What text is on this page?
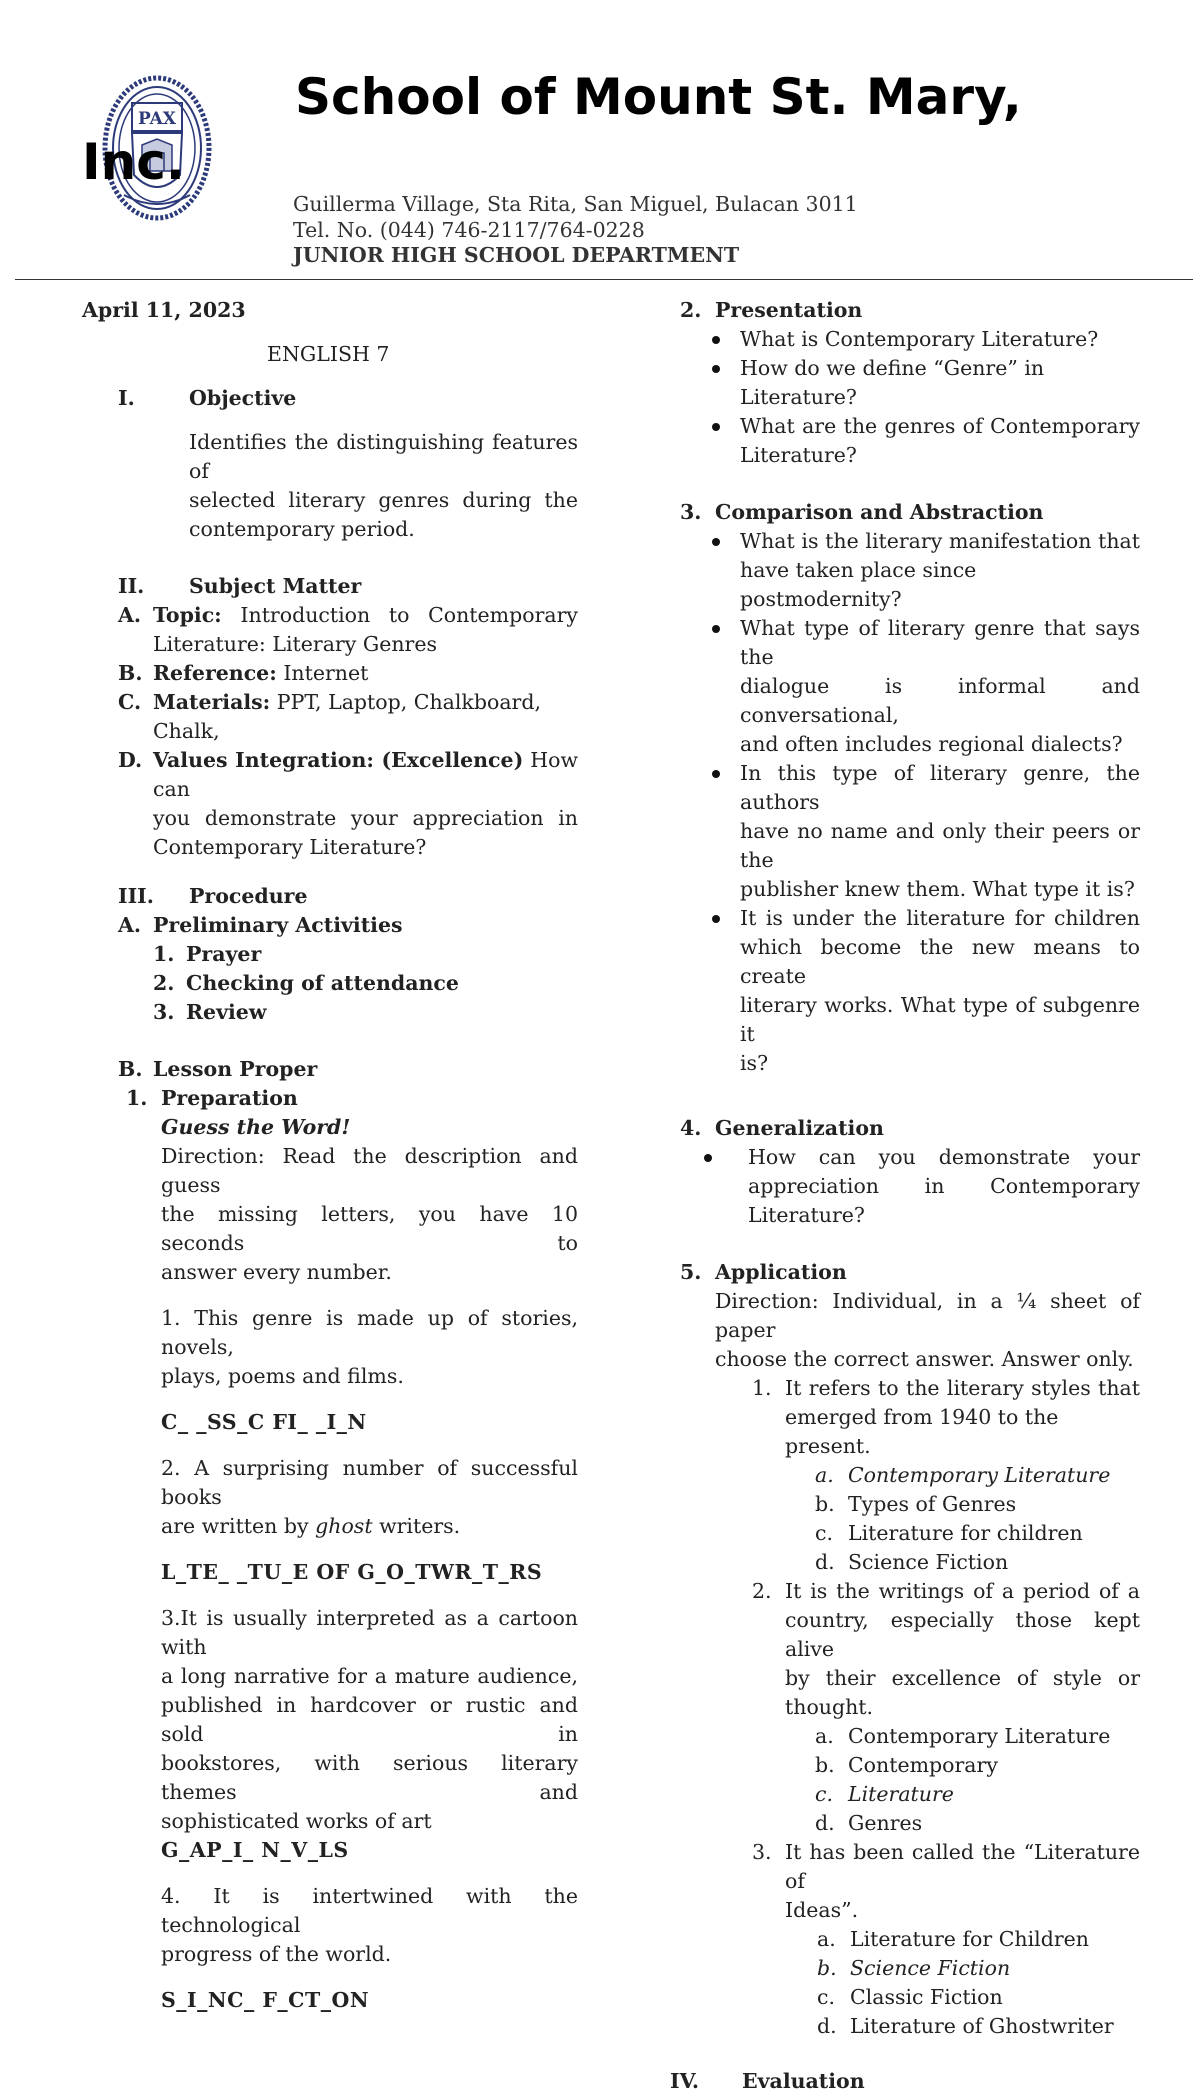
PAX School of Mount St. Mary,
Inc.
Guillerma Village, Sta Rita, San Miguel, Bulacan 3011
Tel. No. (044) 746-2117/764-0228
JUNIOR HIGH SCHOOL DEPARTMENT
April 11, 2023
ENGLISH 7
I.	Objective
Identifies the distinguishing features of
selected literary genres during the
contemporary period.
II.	Subject Matter
A. Topic: Introduction to Contemporary
Literature: Literary Genres
B. Reference: Internet
C. Materials: PPT, Laptop, Chalkboard, Chalk,
D. Values Integration: (Excellence) How can
you demonstrate your appreciation in
Contemporary Literature?
III.	Procedure
A. Preliminary Activities
1. Prayer
2. Checking of attendance
3. Review
B. Lesson Proper
1. Preparation
Guess the Word!
Direction: Read the description and guess
the missing letters, you have 10 seconds to
answer every number.
1. This genre is made up of stories, novels,
plays, poems and films.
C_ _SS_C FI_ _I_N
2. A surprising number of successful books
are written by ghost writers.
L_TE_ _TU_E OF G_O_TWR_T_RS
3.It is usually interpreted as a cartoon with
a long narrative for a mature audience,
published in hardcover or rustic and sold in
bookstores, with serious literary themes and
sophisticated works of art
G_AP_I_ N_V_LS
4. It is intertwined with the technological
progress of the world.
S_I_NC_ F_CT_ON
2. Presentation
What is Contemporary Literature?
How do we define “Genre” in Literature?
What are the genres of Contemporary
Literature?
3. Comparison and Abstraction
What is the literary manifestation that
have taken place since postmodernity?
What type of literary genre that says the
dialogue is informal and conversational,
and often includes regional dialects?
In this type of literary genre, the authors
have no name and only their peers or the
publisher knew them. What type it is?
It is under the literature for children
which become the new means to create
literary works. What type of subgenre it
is?
4. Generalization
How can you demonstrate your
appreciation in Contemporary
Literature?
5. Application
Direction: Individual, in a ¼ sheet of paper
choose the correct answer. Answer only.
1. It refers to the literary styles that
emerged from 1940 to the present.
a. Contemporary Literature
b. Types of Genres
c. Literature for children
d. Science Fiction
2. It is the writings of a period of a
country, especially those kept alive
by their excellence of style or
thought.
a. Contemporary Literature
b. Contemporary
c. Literature
d. Genres
3. It has been called the “Literature of
Ideas”.
a. Literature for Children
b. Science Fiction
c. Classic Fiction
d. Literature of Ghostwriter
IV.	Evaluation
